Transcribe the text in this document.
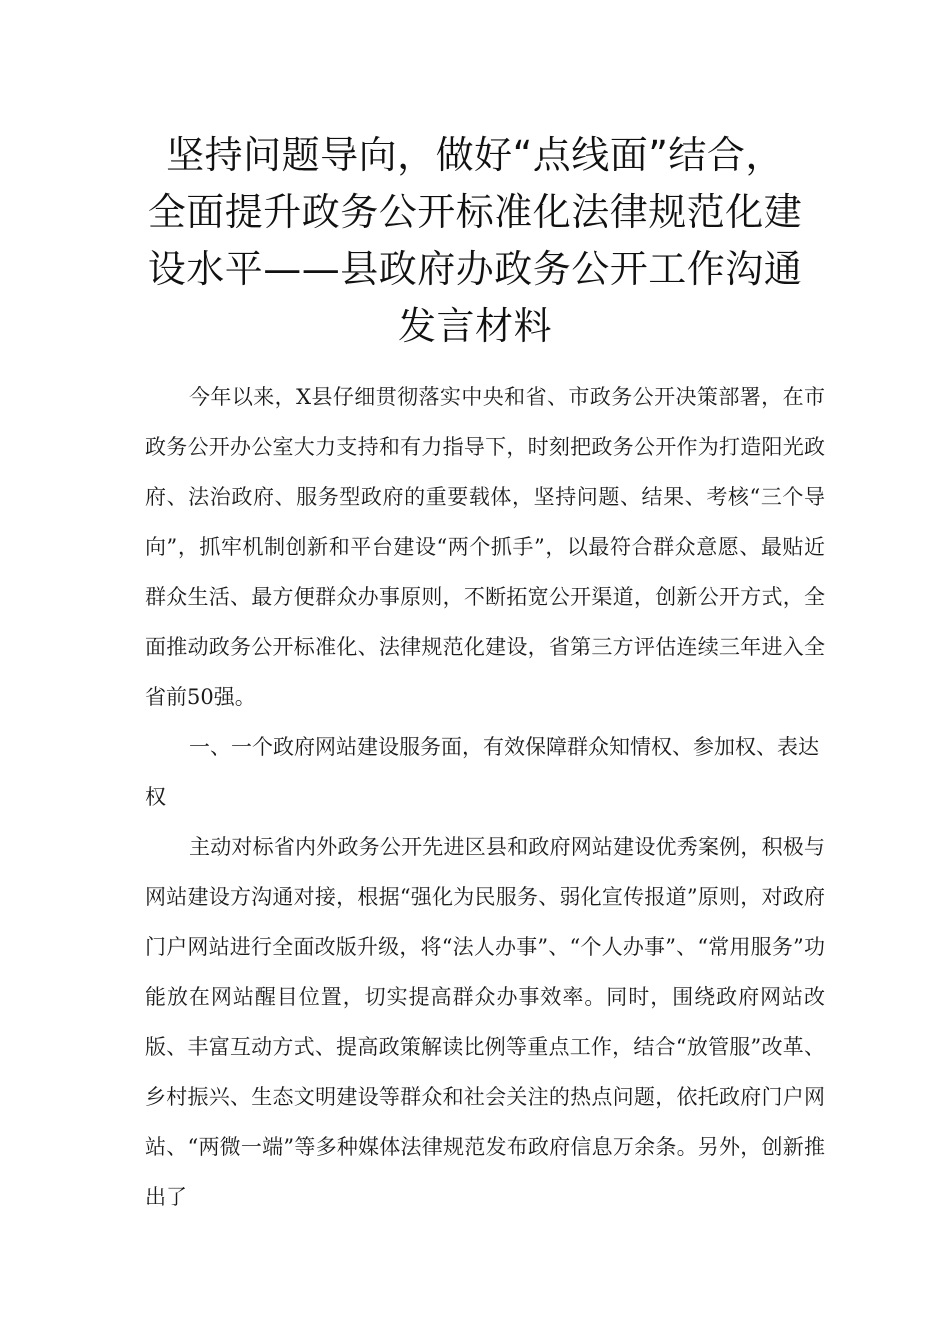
坚持问题导向，做好“点线面”结合，
全面提升政务公开标准化法律规范化建
设水平——县政府办政务公开工作沟通
发言材料

今年以来，X县仔细贯彻落实中央和省、市政务公开决策部署，在市政务公开办公室大力支持和有力指导下，时刻把政务公开作为打造阳光政府、法治政府、服务型政府的重要载体，坚持问题、结果、考核“三个导向”，抓牢机制创新和平台建设“两个抓手”，以最符合群众意愿、最贴近群众生活、最方便群众办事原则，不断拓宽公开渠道，创新公开方式，全面推动政务公开标准化、法律规范化建设，省第三方评估连续三年进入全省前50强。

一、一个政府网站建设服务面，有效保障群众知情权、参加权、表达权

主动对标省内外政务公开先进区县和政府网站建设优秀案例，积极与网站建设方沟通对接，根据“强化为民服务、弱化宣传报道”原则，对政府门户网站进行全面改版升级，将“法人办事”、“个人办事”、“常用服务”功能放在网站醒目位置，切实提高群众办事效率。同时，围绕政府网站改版、丰富互动方式、提高政策解读比例等重点工作，结合“放管服”改革、乡村振兴、生态文明建设等群众和社会关注的热点问题，依托政府门户网站、“两微一端”等多种媒体法律规范发布政府信息万余条。另外，创新推出了
